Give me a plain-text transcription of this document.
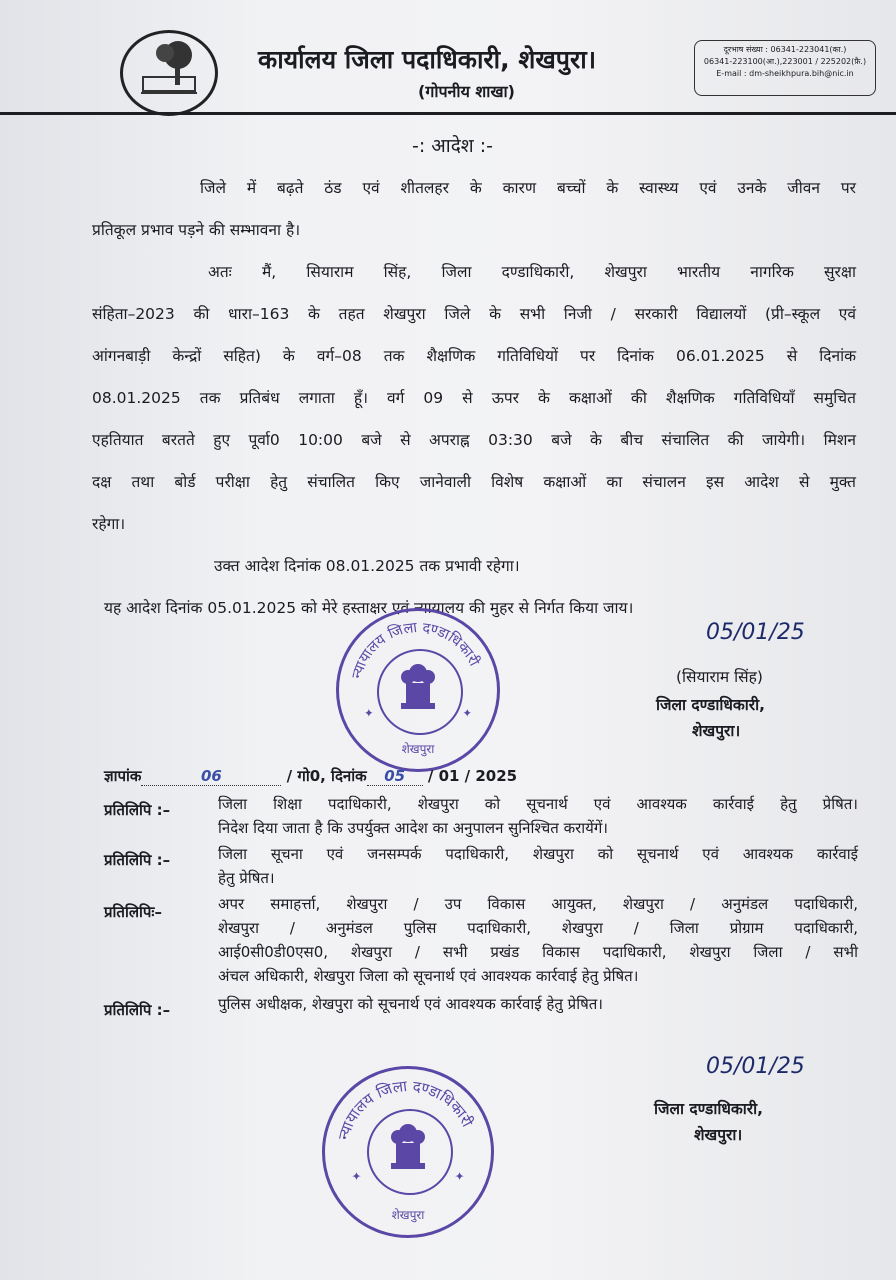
कार्यालय जिला पदाधिकारी, शेखपुरा।
(गोपनीय शाखा)
दूरभाष संख्या : 06341-223041(का.)
06341-223100(आ.),223001 / 225202(फ़ै.)
E-mail : dm-sheikhpura.bih@nic.in
-: आदेश :-
जिले में बढ़ते ठंड एवं शीतलहर के कारण बच्चों के स्वास्थ्य एवं उनके जीवन पर
प्रतिकूल प्रभाव पड़ने की सम्भावना है।
अतः मैं, सियाराम सिंह, जिला दण्डाधिकारी, शेखपुरा भारतीय नागरिक सुरक्षा
संहिता–2023 की धारा–163 के तहत शेखपुरा जिले के सभी निजी / सरकारी विद्यालयों (प्री–स्कूल एवं
आंगनबाड़ी केन्द्रों सहित) के वर्ग–08 तक शैक्षणिक गतिविधियों पर दिनांक 06.01.2025 से दिनांक
08.01.2025 तक प्रतिबंध लगाता हूँ। वर्ग 09 से ऊपर के कक्षाओं की शैक्षणिक गतिविधियाँ समुचित
एहतियात बरतते हुए पूर्वा0 10:00 बजे से अपराह्न 03:30 बजे के बीच संचालित की जायेगी। मिशन
दक्ष तथा बोर्ड परीक्षा हेतु संचालित किए जानेवाली विशेष कक्षाओं का संचालन इस आदेश से मुक्त
रहेगा।
उक्त आदेश दिनांक 08.01.2025 तक प्रभावी रहेगा।
यह आदेश दिनांक 05.01.2025 को मेरे हस्ताक्षर एवं न्यायालय की मुहर से निर्गत किया जाय।
न्यायालय जिला दण्डाधिकारी
✦	✦
शेखपुरा
05/01/25
(सियाराम सिंह)
जिला दण्डाधिकारी,
शेखपुरा।
ज्ञापांक	06	/ गो0, दिनांक 05 / 01 / 2025
प्रतिलिपि :–	जिला शिक्षा पदाधिकारी, शेखपुरा को सूचनार्थ एवं आवश्यक कार्रवाई हेतु प्रेषित।
निदेश दिया जाता है कि उपर्युक्त आदेश का अनुपालन सुनिश्चित करायेंगें।
प्रतिलिपि :–	जिला सूचना एवं जनसम्पर्क पदाधिकारी, शेखपुरा को सूचनार्थ एवं आवश्यक कार्रवाई
हेतु प्रेषित।
प्रतिलिपिः–	अपर समाहर्त्ता, शेखपुरा / उप विकास आयुक्त, शेखपुरा / अनुमंडल पदाधिकारी,
शेखपुरा / अनुमंडल पुलिस पदाधिकारी, शेखपुरा / जिला प्रोग्राम पदाधिकारी,
आई0सी0डी0एस0, शेखपुरा / सभी प्रखंड विकास पदाधिकारी, शेखपुरा जिला / सभी
अंचल अधिकारी, शेखपुरा जिला को सूचनार्थ एवं आवश्यक कार्रवाई हेतु प्रेषित।
प्रतिलिपि :–	पुलिस अधीक्षक, शेखपुरा को सूचनार्थ एवं आवश्यक कार्रवाई हेतु प्रेषित।
न्यायालय जिला दण्डाधिकारी
✦	✦
शेखपुरा
05/01/25
जिला दण्डाधिकारी,
शेखपुरा।
